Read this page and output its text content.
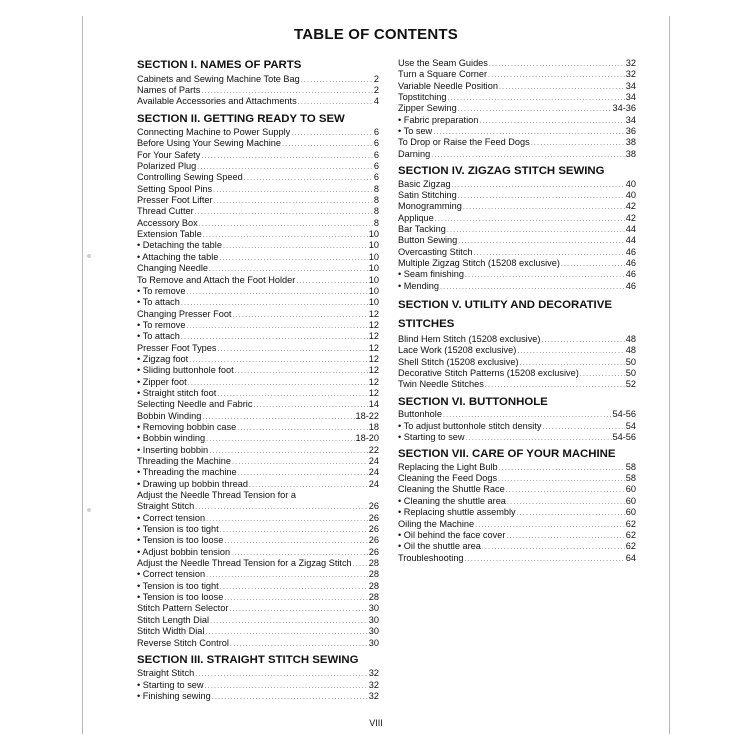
TABLE OF CONTENTS
SECTION I. NAMES OF PARTS
Cabinets and Sewing Machine Tote Bag .....	2
Names of Parts .....	2
Available Accessories and Attachments .....	4
SECTION II. GETTING READY TO SEW
Connecting Machine to Power Supply .....	6
Before Using Your Sewing Machine .....	6
For Your Safety .....	6
Polarized Plug .....	6
Controlling Sewing Speed .....	6
Setting Spool Pins .....	8
Presser Foot Lifter .....	8
Thread Cutter .....	8
Accessory Box .....	8
Extension Table .....	10
• Detaching the table .....	10
• Attaching the table .....	10
Changing Needle .....	10
To Remove and Attach the Foot Holder .....	10
• To remove .....	10
• To attach .....	10
Changing Presser Foot .....	12
• To remove .....	12
• To attach .....	12
Presser Foot Types .....	12
• Zigzag foot .....	12
• Sliding buttonhole foot .....	12
• Zipper foot .....	12
• Straight stitch foot .....	12
Selecting Needle and Fabric .....	14
Bobbin Winding .....	18-22
• Removing bobbin case .....	18
• Bobbin winding .....	18-20
• Inserting bobbin .....	22
Threading the Machine .....	24
• Threading the machine .....	24
• Drawing up bobbin thread .....	24
Adjust the Needle Thread Tension for a
Straight Stitch .....	26
• Correct tension .....	26
• Tension is too tight .....	26
• Tension is too loose .....	26
• Adjust bobbin tension .....	26
Adjust the Needle Thread Tension for a Zigzag Stitch ..... 28
• Correct tension .....	28
• Tension is too tight .....	28
• Tension is too loose .....	28
Stitch Pattern Selector .....	30
Stitch Length Dial .....	30
Stitch Width Dial .....	30
Reverse Stitch Control .....	30
SECTION III. STRAIGHT STITCH SEWING
Straight Stitch .....	32
• Starting to sew .....	32
• Finishing sewing .....	32
Use the Seam Guides .....	32
Turn a Square Corner .....	32
Variable Needle Position .....	34
Topstitching .....	34
Zipper Sewing .....	34-36
• Fabric preparation .....	34
• To sew .....	36
To Drop or Raise the Feed Dogs .....	38
Darning .....	38
SECTION IV. ZIGZAG STITCH SEWING
Basic Zigzag .....	40
Satin Stitching .....	40
Monogramming .....	42
Applique .....	42
Bar Tacking .....	44
Button Sewing .....	44
Overcasting Stitch .....	46
Multiple Zigzag Stitch (15208 exclusive) .....	46
• Seam finishing .....	46
• Mending .....	46
SECTION V. UTILITY AND DECORATIVE
STITCHES
Blind Hem Stitch (15208 exclusive) .....	48
Lace Work (15208 exclusive) .....	48
Shell Stitch (15208 exclusive) .....	50
Decorative Stitch Patterns (15208 exclusive) .....	50
Twin Needle Stitches .....	52
SECTION VI. BUTTONHOLE
Buttonhole .....	54-56
• To adjust buttonhole stitch density .....	54
• Starting to sew .....	54-56
SECTION VII. CARE OF YOUR MACHINE
Replacing the Light Bulb .....	58
Cleaning the Feed Dogs .....	58
Cleaning the Shuttle Race .....	60
• Cleaning the shuttle area .....	60
• Replacing shuttle assembly .....	60
Oiling the Machine .....	62
• Oil behind the face cover .....	62
• Oil the shuttle area .....	62
Troubleshooting .....	64
VIII
